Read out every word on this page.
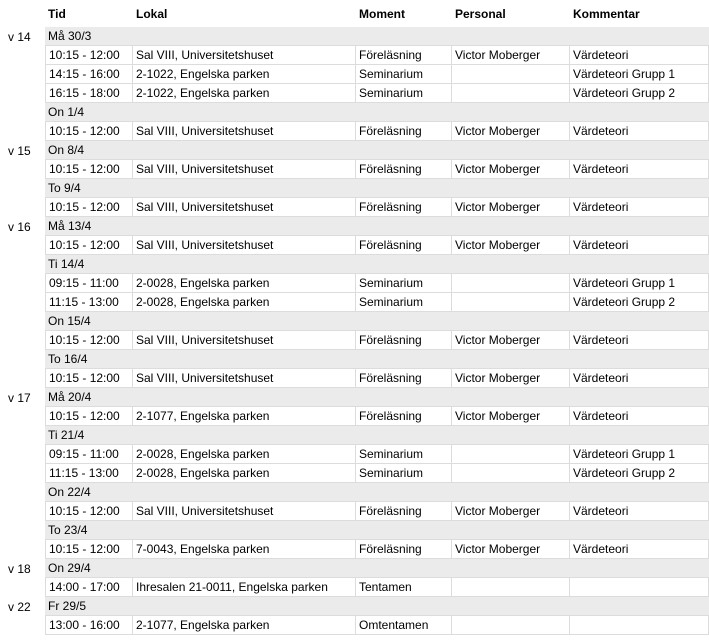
	Tid	Lokal	Moment	Personal	Kommentar
v 14	Må 30/3				
	10:15 - 12:00	Sal VIII, Universitetshuset	Föreläsning	Victor Moberger	Värdeteori
	14:15 - 16:00	2-1022, Engelska parken	Seminarium		Värdeteori Grupp 1
	16:15 - 18:00	2-1022, Engelska parken	Seminarium		Värdeteori Grupp 2
	On 1/4				
	10:15 - 12:00	Sal VIII, Universitetshuset	Föreläsning	Victor Moberger	Värdeteori
v 15	On 8/4				
	10:15 - 12:00	Sal VIII, Universitetshuset	Föreläsning	Victor Moberger	Värdeteori
	To 9/4				
	10:15 - 12:00	Sal VIII, Universitetshuset	Föreläsning	Victor Moberger	Värdeteori
v 16	Må 13/4				
	10:15 - 12:00	Sal VIII, Universitetshuset	Föreläsning	Victor Moberger	Värdeteori
	Ti 14/4				
	09:15 - 11:00	2-0028, Engelska parken	Seminarium		Värdeteori Grupp 1
	11:15 - 13:00	2-0028, Engelska parken	Seminarium		Värdeteori Grupp 2
	On 15/4				
	10:15 - 12:00	Sal VIII, Universitetshuset	Föreläsning	Victor Moberger	Värdeteori
	To 16/4				
	10:15 - 12:00	Sal VIII, Universitetshuset	Föreläsning	Victor Moberger	Värdeteori
v 17	Må 20/4				
	10:15 - 12:00	2-1077, Engelska parken	Föreläsning	Victor Moberger	Värdeteori
	Ti 21/4				
	09:15 - 11:00	2-0028, Engelska parken	Seminarium		Värdeteori Grupp 1
	11:15 - 13:00	2-0028, Engelska parken	Seminarium		Värdeteori Grupp 2
	On 22/4				
	10:15 - 12:00	Sal VIII, Universitetshuset	Föreläsning	Victor Moberger	Värdeteori
	To 23/4				
	10:15 - 12:00	7-0043, Engelska parken	Föreläsning	Victor Moberger	Värdeteori
v 18	On 29/4				
	14:00 - 17:00	Ihresalen 21-0011, Engelska parken	Tentamen		
v 22	Fr 29/5				
	13:00 - 16:00	2-1077, Engelska parken	Omtentamen		
